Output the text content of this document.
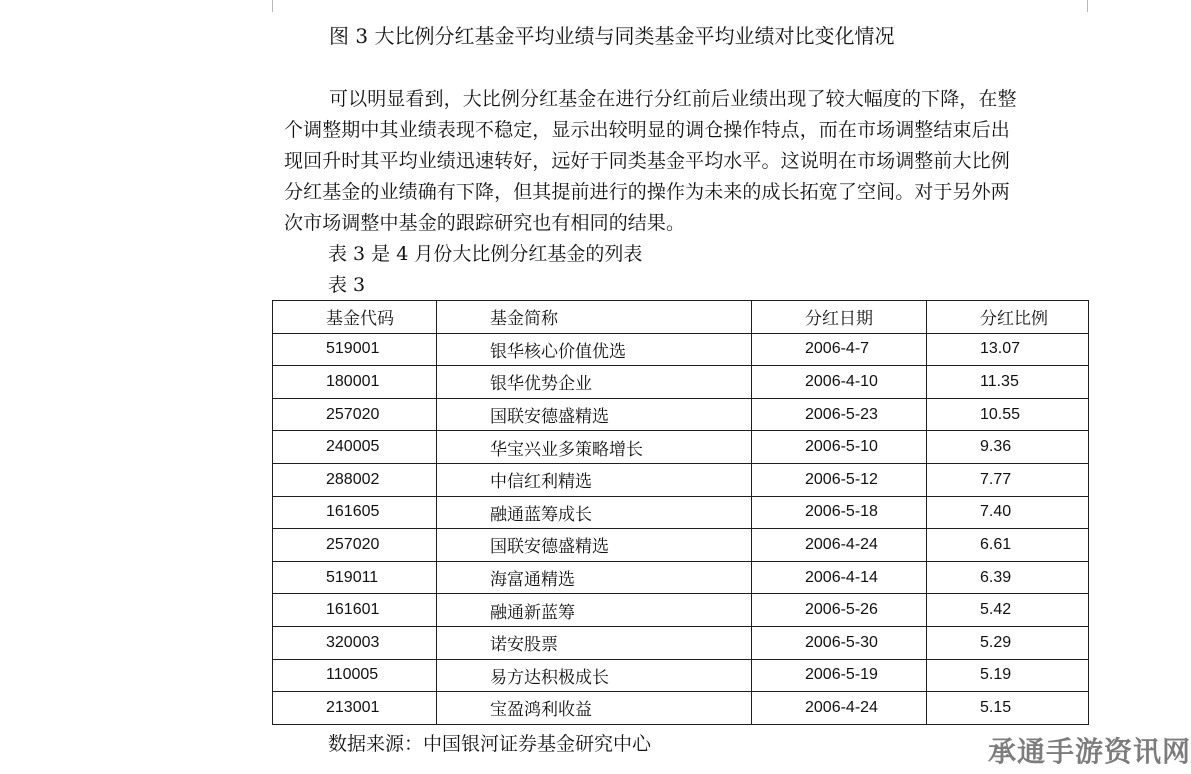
图 3 大比例分红基金平均业绩与同类基金平均业绩对比变化情况
可以明显看到，大比例分红基金在进行分红前后业绩出现了较大幅度的下降，在整
个调整期中其业绩表现不稳定，显示出较明显的调仓操作特点，而在市场调整结束后出
现回升时其平均业绩迅速转好，远好于同类基金平均水平。这说明在市场调整前大比例
分红基金的业绩确有下降，但其提前进行的操作为未来的成长拓宽了空间。对于另外两
次市场调整中基金的跟踪研究也有相同的结果。
表 3 是 4 月份大比例分红基金的列表
表 3
基金代码	基金简称	分红日期	分红比例
519001	银华核心价值优选	2006-4-7	13.07
180001	银华优势企业	2006-4-10	11.35
257020	国联安德盛精选	2006-5-23	10.55
240005	华宝兴业多策略增长	2006-5-10	9.36
288002	中信红利精选	2006-5-12	7.77
161605	融通蓝筹成长	2006-5-18	7.40
257020	国联安德盛精选	2006-4-24	6.61
519011	海富通精选	2006-4-14	6.39
161601	融通新蓝筹	2006-5-26	5.42
320003	诺安股票	2006-5-30	5.29
110005	易方达积极成长	2006-5-19	5.19
213001	宝盈鸿利收益	2006-4-24	5.15
数据来源：中国银河证券基金研究中心	承通手游资讯网
